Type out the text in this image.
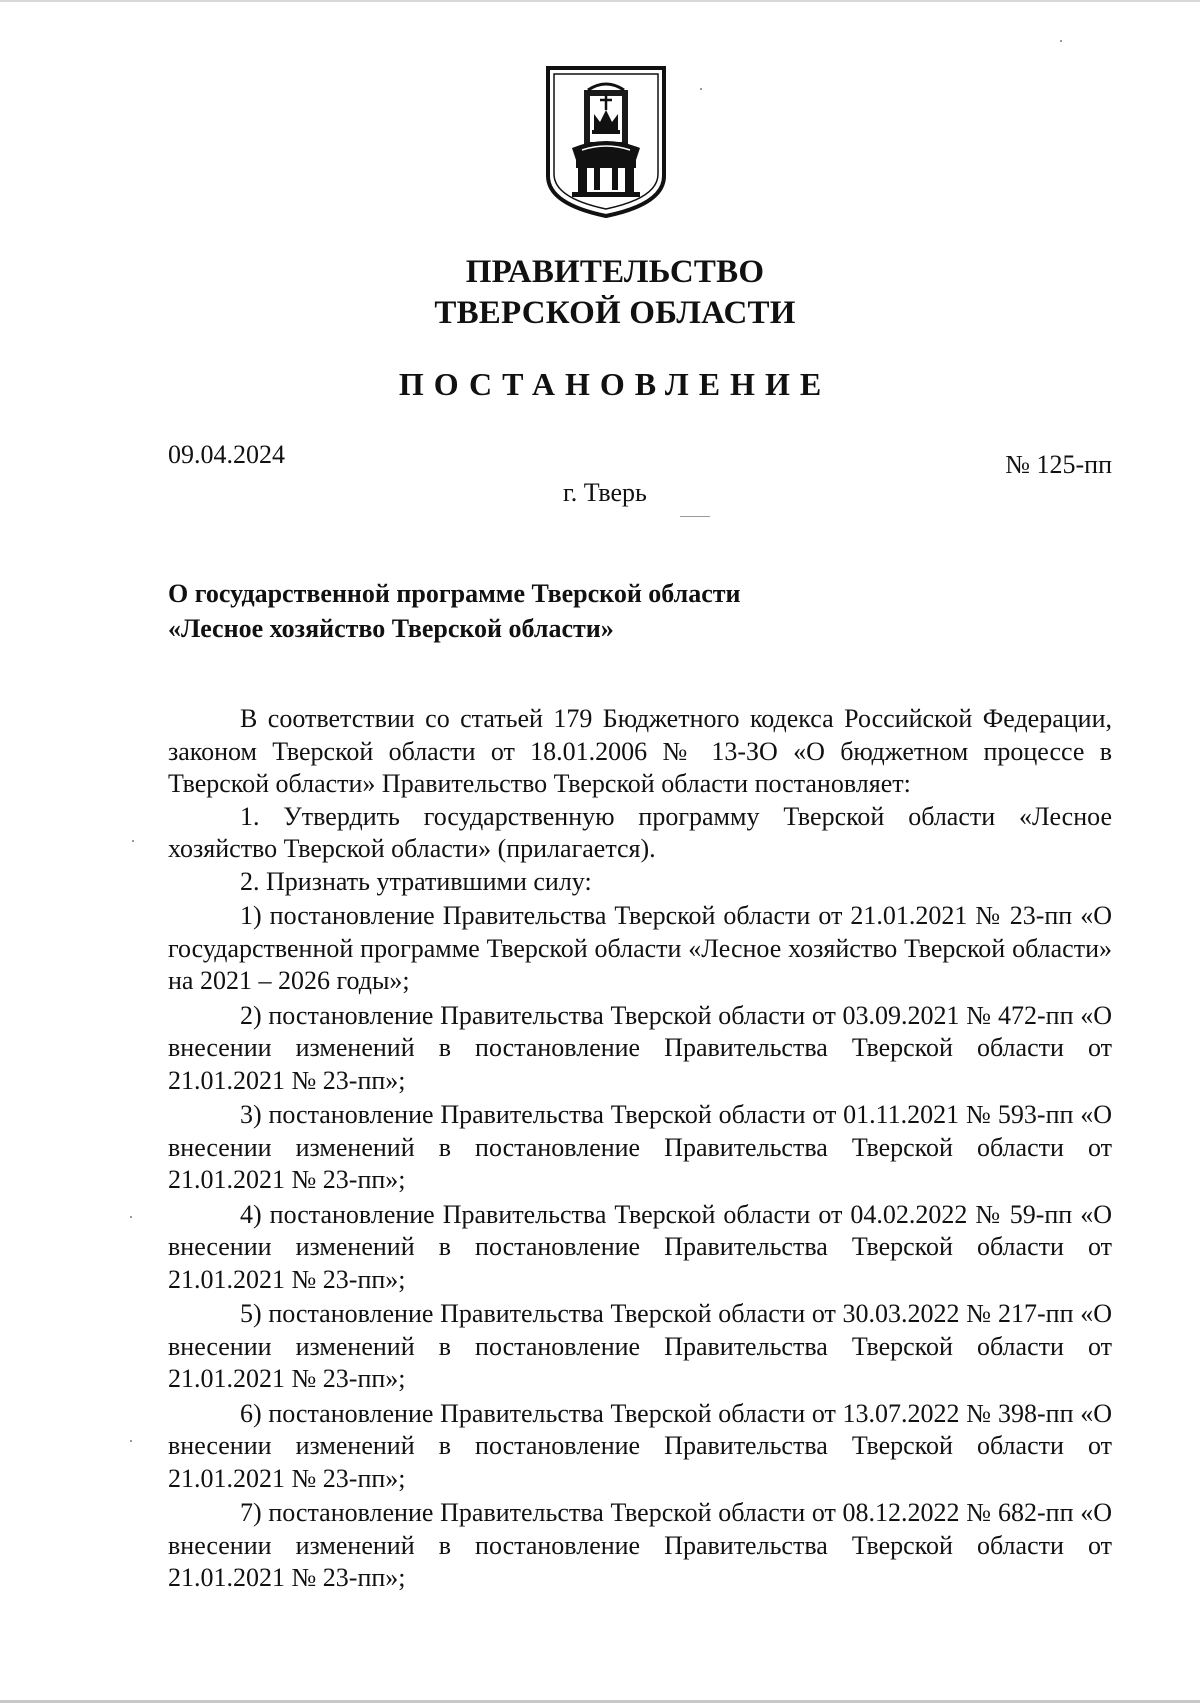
ПРАВИТЕЛЬСТВО
ТВЕРСКОЙ ОБЛАСТИ
ПОСТАНОВЛЕНИЕ
09.04.2024	№ 125-пп
г. Тверь
О государственной программе Тверской области
«Лесное хозяйство Тверской области»

В соответствии со статьей 179 Бюджетного кодекса Российской Федерации, законом Тверской области от 18.01.2006 № 13-ЗО «О бюджетном процессе в Тверской области» Правительство Тверской области постановляет:

1. Утвердить государственную программу Тверской области «Лесное хозяйство Тверской области» (прилагается).

2. Признать утратившими силу:

1) постановление Правительства Тверской области от 21.01.2021 № 23-пп «О государственной программе Тверской области «Лесное хозяйство Тверской области» на 2021 – 2026 годы»;

2) постановление Правительства Тверской области от 03.09.2021 № 472-пп «О внесении изменений в постановление Правительства Тверской области от 21.01.2021 № 23-пп»;

3) постановление Правительства Тверской области от 01.11.2021 № 593-пп «О внесении изменений в постановление Правительства Тверской области от 21.01.2021 № 23-пп»;

4) постановление Правительства Тверской области от 04.02.2022 № 59-пп «О внесении изменений в постановление Правительства Тверской области от 21.01.2021 № 23-пп»;

5) постановление Правительства Тверской области от 30.03.2022 № 217-пп «О внесении изменений в постановление Правительства Тверской области от 21.01.2021 № 23-пп»;

6) постановление Правительства Тверской области от 13.07.2022 № 398-пп «О внесении изменений в постановление Правительства Тверской области от 21.01.2021 № 23-пп»;

7) постановление Правительства Тверской области от 08.12.2022 № 682-пп «О внесении изменений в постановление Правительства Тверской области от 21.01.2021 № 23-пп»;
